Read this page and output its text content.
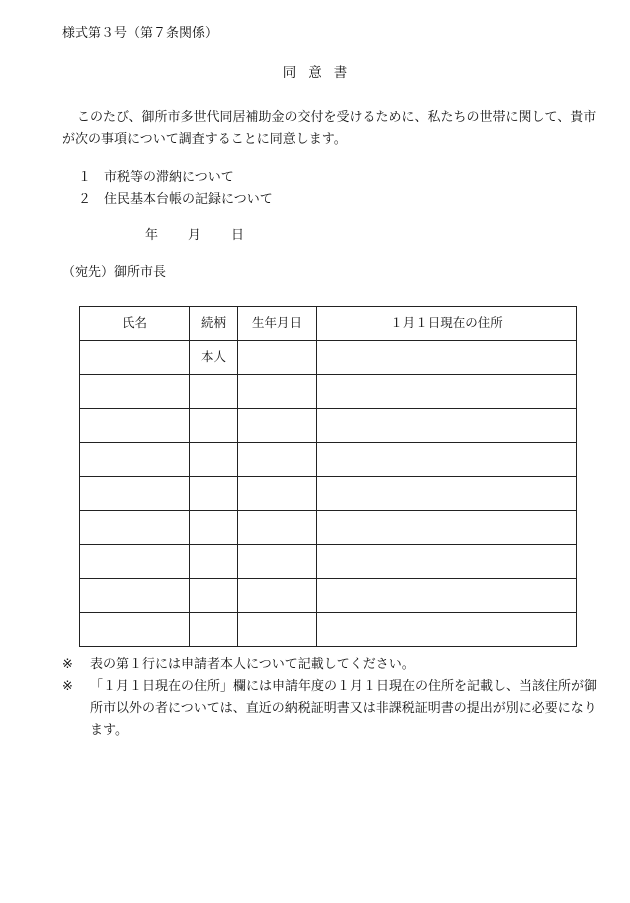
様式第３号（第７条関係）
同意書
このたび、御所市多世代同居補助金の交付を受けるために、私たちの世帯に関して、貴市が次の事項について調査することに同意します。
１ 市税等の滞納について
２ 住民基本台帳の記録について
年 月 日
（宛先）御所市長
氏名	続柄	生年月日	１月１日現在の住所
	本人		

※	表の第１行には申請者本人について記載してください。
※	「１月１日現在の住所」欄には申請年度の１月１日現在の住所を記載し、当該住所が御所市以外の者については、直近の納税証明書又は非課税証明書の提出が別に必要になります。
